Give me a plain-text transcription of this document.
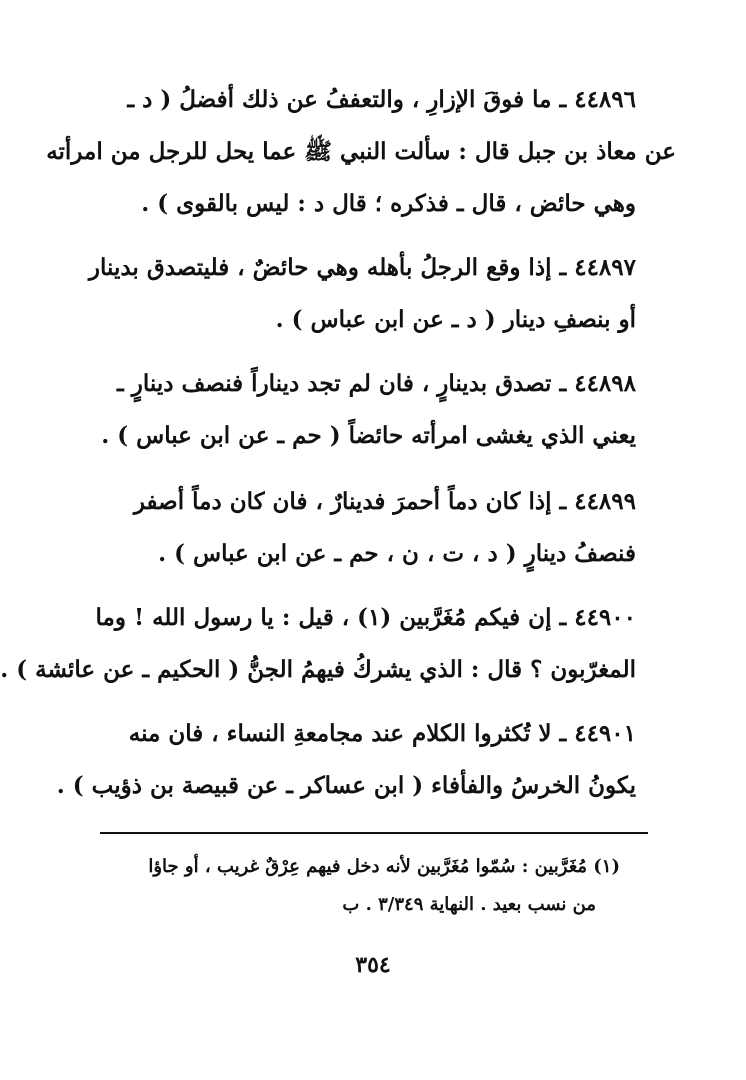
٤٤٨٩٦ ـ ما فوقَ الإزارِ ، والتعففُ عن ذلك أفضلُ ( د ـ
عن معاذ بن جبل قال : سألت النبي ﷺ عما يحل للرجل من امرأته
وهي حائض ، قال ـ فذكره ؛ قال د : ليس بالقوى ) .
٤٤٨٩٧ ـ إذا وقع الرجلُ بأهله وهي حائضٌ ، فليتصدق بدينار
أو بنصفِ دينار ( د ـ عن ابن عباس ) .
٤٤٨٩٨ ـ تصدق بدينارٍ ، فان لم تجد ديناراً فنصف دينارٍ ـ
يعني الذي يغشى امرأته حائضاً ( حم ـ عن ابن عباس ) .
٤٤٨٩٩ ـ إذا كان دماً أحمرَ فدينارٌ ، فان كان دماً أصفر
فنصفُ دينارٍ ( د ، ت ، ن ، حم ـ عن ابن عباس ) .
٤٤٩٠٠ ـ إن فيكم مُغَرَّبين (١) ، قيل : يا رسول الله ! وما
المغرّبون ؟ قال : الذي يشركُ فيهمُ الجنُّ ( الحكيم ـ عن عائشة ) .
٤٤٩٠١ ـ لا تُكثروا الكلام عند مجامعةِ النساء ، فان منه
يكونُ الخرسُ والفأفاء ( ابن عساكر ـ عن قبيصة بن ذؤيب ) .
(١) مُغَرَّبين : سُمّوا مُغَرَّبين لأنه دخل فيهم عِرْقٌ غريب ، أو جاؤا
من نسب بعيد . النهاية ٣/٣٤٩ . ب
٣٥٤
